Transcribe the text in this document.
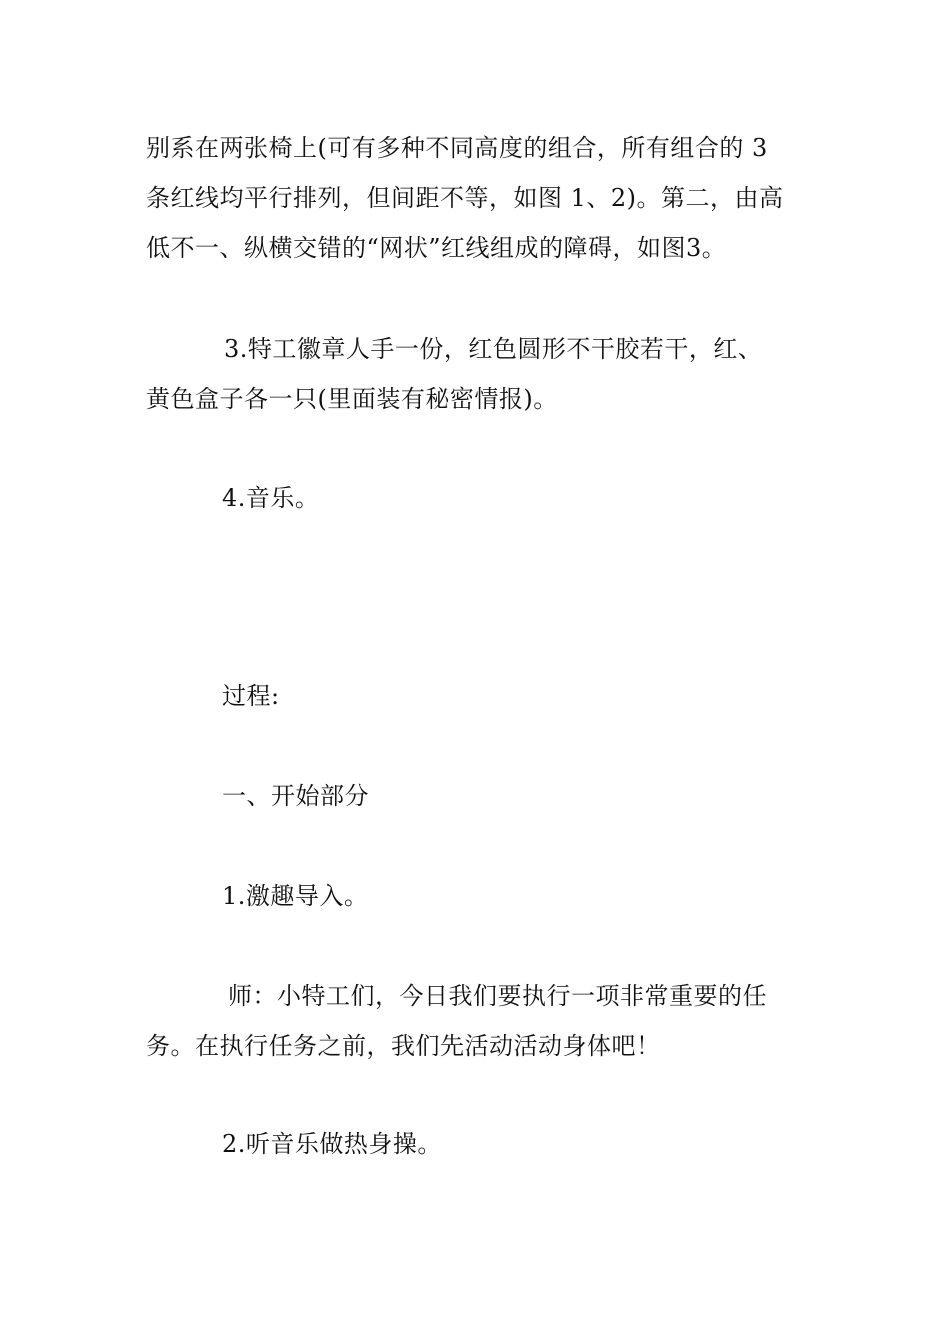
别系在两张椅上(可有多种不同高度的组合，所有组合的 3
条红线均平行排列，但间距不等，如图 1、2)。第二，由高
低不一、纵横交错的“网状”红线组成的障碍，如图3。
3.特工徽章人手一份，红色圆形不干胶若干，红、
黄色盒子各一只(里面装有秘密情报)。
4.音乐。
过程:
一、开始部分
1.激趣导入。
师：小特工们，今日我们要执行一项非常重要的任
务。在执行任务之前，我们先活动活动身体吧！
2.听音乐做热身操。
